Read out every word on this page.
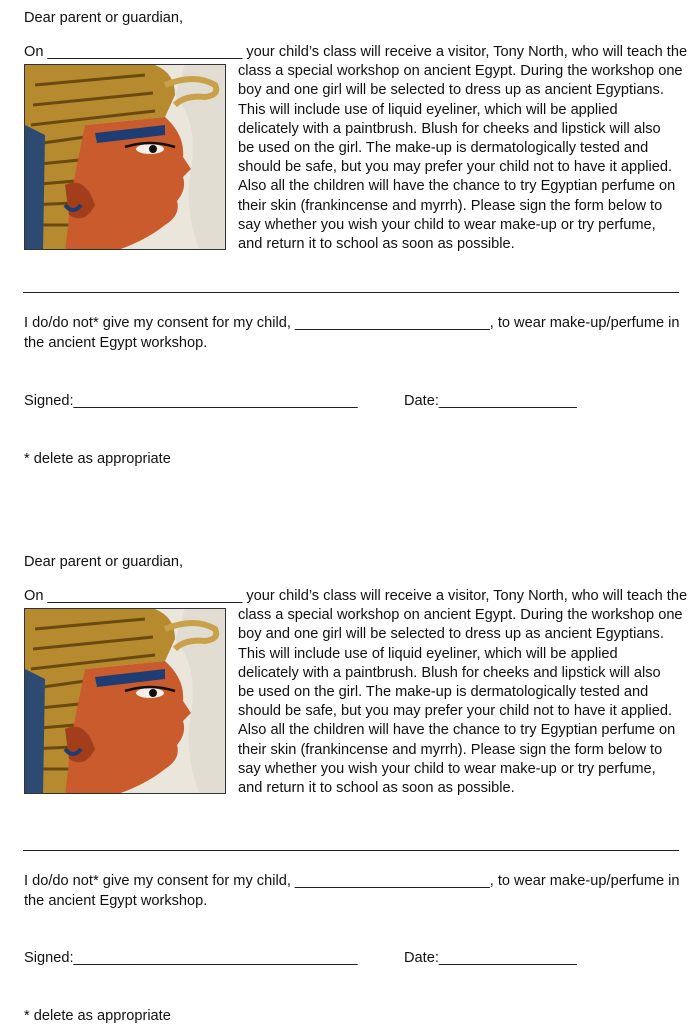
Dear parent or guardian,
On ________________________ your child’s class will receive a visitor, Tony North, who will teach the
class a special workshop on ancient Egypt. During the workshop one
boy and one girl will be selected to dress up as ancient Egyptians.
This will include use of liquid eyeliner, which will be applied
delicately with a paintbrush. Blush for cheeks and lipstick will also
be used on the girl. The make-up is dermatologically tested and
should be safe, but you may prefer your child not to have it applied.
Also all the children will have the chance to try Egyptian perfume on
their skin (frankincense and myrrh). Please sign the form below to
say whether you wish your child to wear make-up or try perfume,
and return it to school as soon as possible.
I do/do not* give my consent for my child, ________________________, to wear make-up/perfume in
the ancient Egypt workshop.
Signed:___________________________________	Date:_________________
* delete as appropriate
Dear parent or guardian,
On ________________________ your child’s class will receive a visitor, Tony North, who will teach the
class a special workshop on ancient Egypt. During the workshop one
boy and one girl will be selected to dress up as ancient Egyptians.
This will include use of liquid eyeliner, which will be applied
delicately with a paintbrush. Blush for cheeks and lipstick will also
be used on the girl. The make-up is dermatologically tested and
should be safe, but you may prefer your child not to have it applied.
Also all the children will have the chance to try Egyptian perfume on
their skin (frankincense and myrrh). Please sign the form below to
say whether you wish your child to wear make-up or try perfume,
and return it to school as soon as possible.
I do/do not* give my consent for my child, ________________________, to wear make-up/perfume in
the ancient Egypt workshop.
Signed:___________________________________	Date:_________________
* delete as appropriate
